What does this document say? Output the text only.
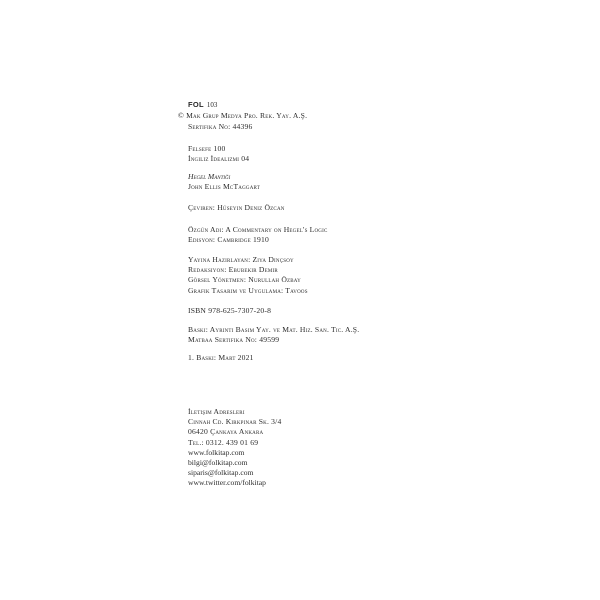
FOL 103
© Mak Grup Medya Pro. Rek. Yay. A.Ş.
Sertifika No: 44396
Felsefe 100
İngiliz İdealizmi 04
Hegel Mantığı
John Ellis McTaggart
Çeviren: Hüseyin Deniz Özcan
Özgün Adı: A Commentary on Hegel's Logic
Edisyon: Cambridge 1910
Yayına Hazırlayan: Ziya Dinçsoy
Redaksiyon: Ebubekir Demir
Görsel Yönetmen: Nurullah Özbay
Grafik Tasarım ve Uygulama: Tavoos
ISBN 978-625-7307-20-8
Baskı: Ayrıntı Basım Yay. ve Mat. Hiz. San. Tic. A.Ş.
Matbaa Sertifika No: 49599
1. Baskı: Mart 2021
İletişim Adresleri
Cinnah Cd. Kırkpınar Sk. 3/4
06420 Çankaya Ankara
Tel.: 0312. 439 01 69
www.folkitap.com
bilgi@folkitap.com
siparis@folkitap.com
www.twitter.com/folkitap
